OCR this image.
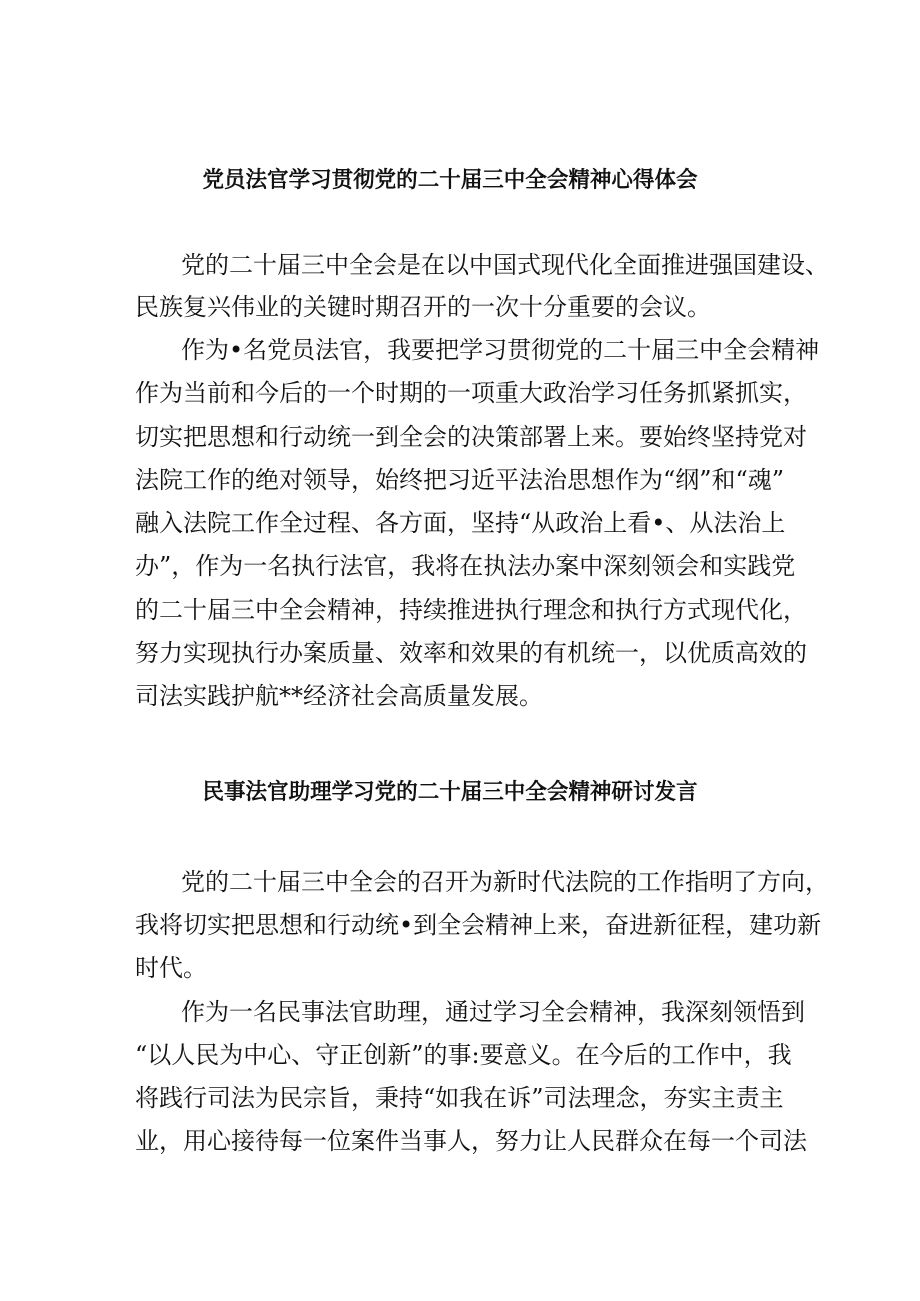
党员法官学习贯彻党的二十届三中全会精神心得体会

党的二十届三中全会是在以中国式现代化全面推进强国建设、

民族复兴伟业的关键时期召开的一次十分重要的会议。

作为•名党员法官，我要把学习贯彻党的二十届三中全会精神

作为当前和今后的一个时期的一项重大政治学习任务抓紧抓实，

切实把思想和行动统一到全会的决策部署上来。要始终坚持党对

法院工作的绝对领导，始终把习近平法治思想作为“纲”和“魂”

融入法院工作全过程、各方面，坚持“从政治上看•、从法治上

办”，作为一名执行法官，我将在执法办案中深刻领会和实践党

的二十届三中全会精神，持续推进执行理念和执行方式现代化，

努力实现执行办案质量、效率和效果的有机统一，以优质高效的

司法实践护航**经济社会高质量发展。

民事法官助理学习党的二十届三中全会精神研讨发言

党的二十届三中全会的召开为新时代法院的工作指明了方向，

我将切实把思想和行动统•到全会精神上来，奋进新征程，建功新

时代。

作为一名民事法官助理，通过学习全会精神，我深刻领悟到

“以人民为中心、守正创新”的事:要意义。在今后的工作中，我

将践行司法为民宗旨，秉持“如我在诉”司法理念，夯实主责主

业，用心接待每一位案件当事人，努力让人民群众在每一个司法
